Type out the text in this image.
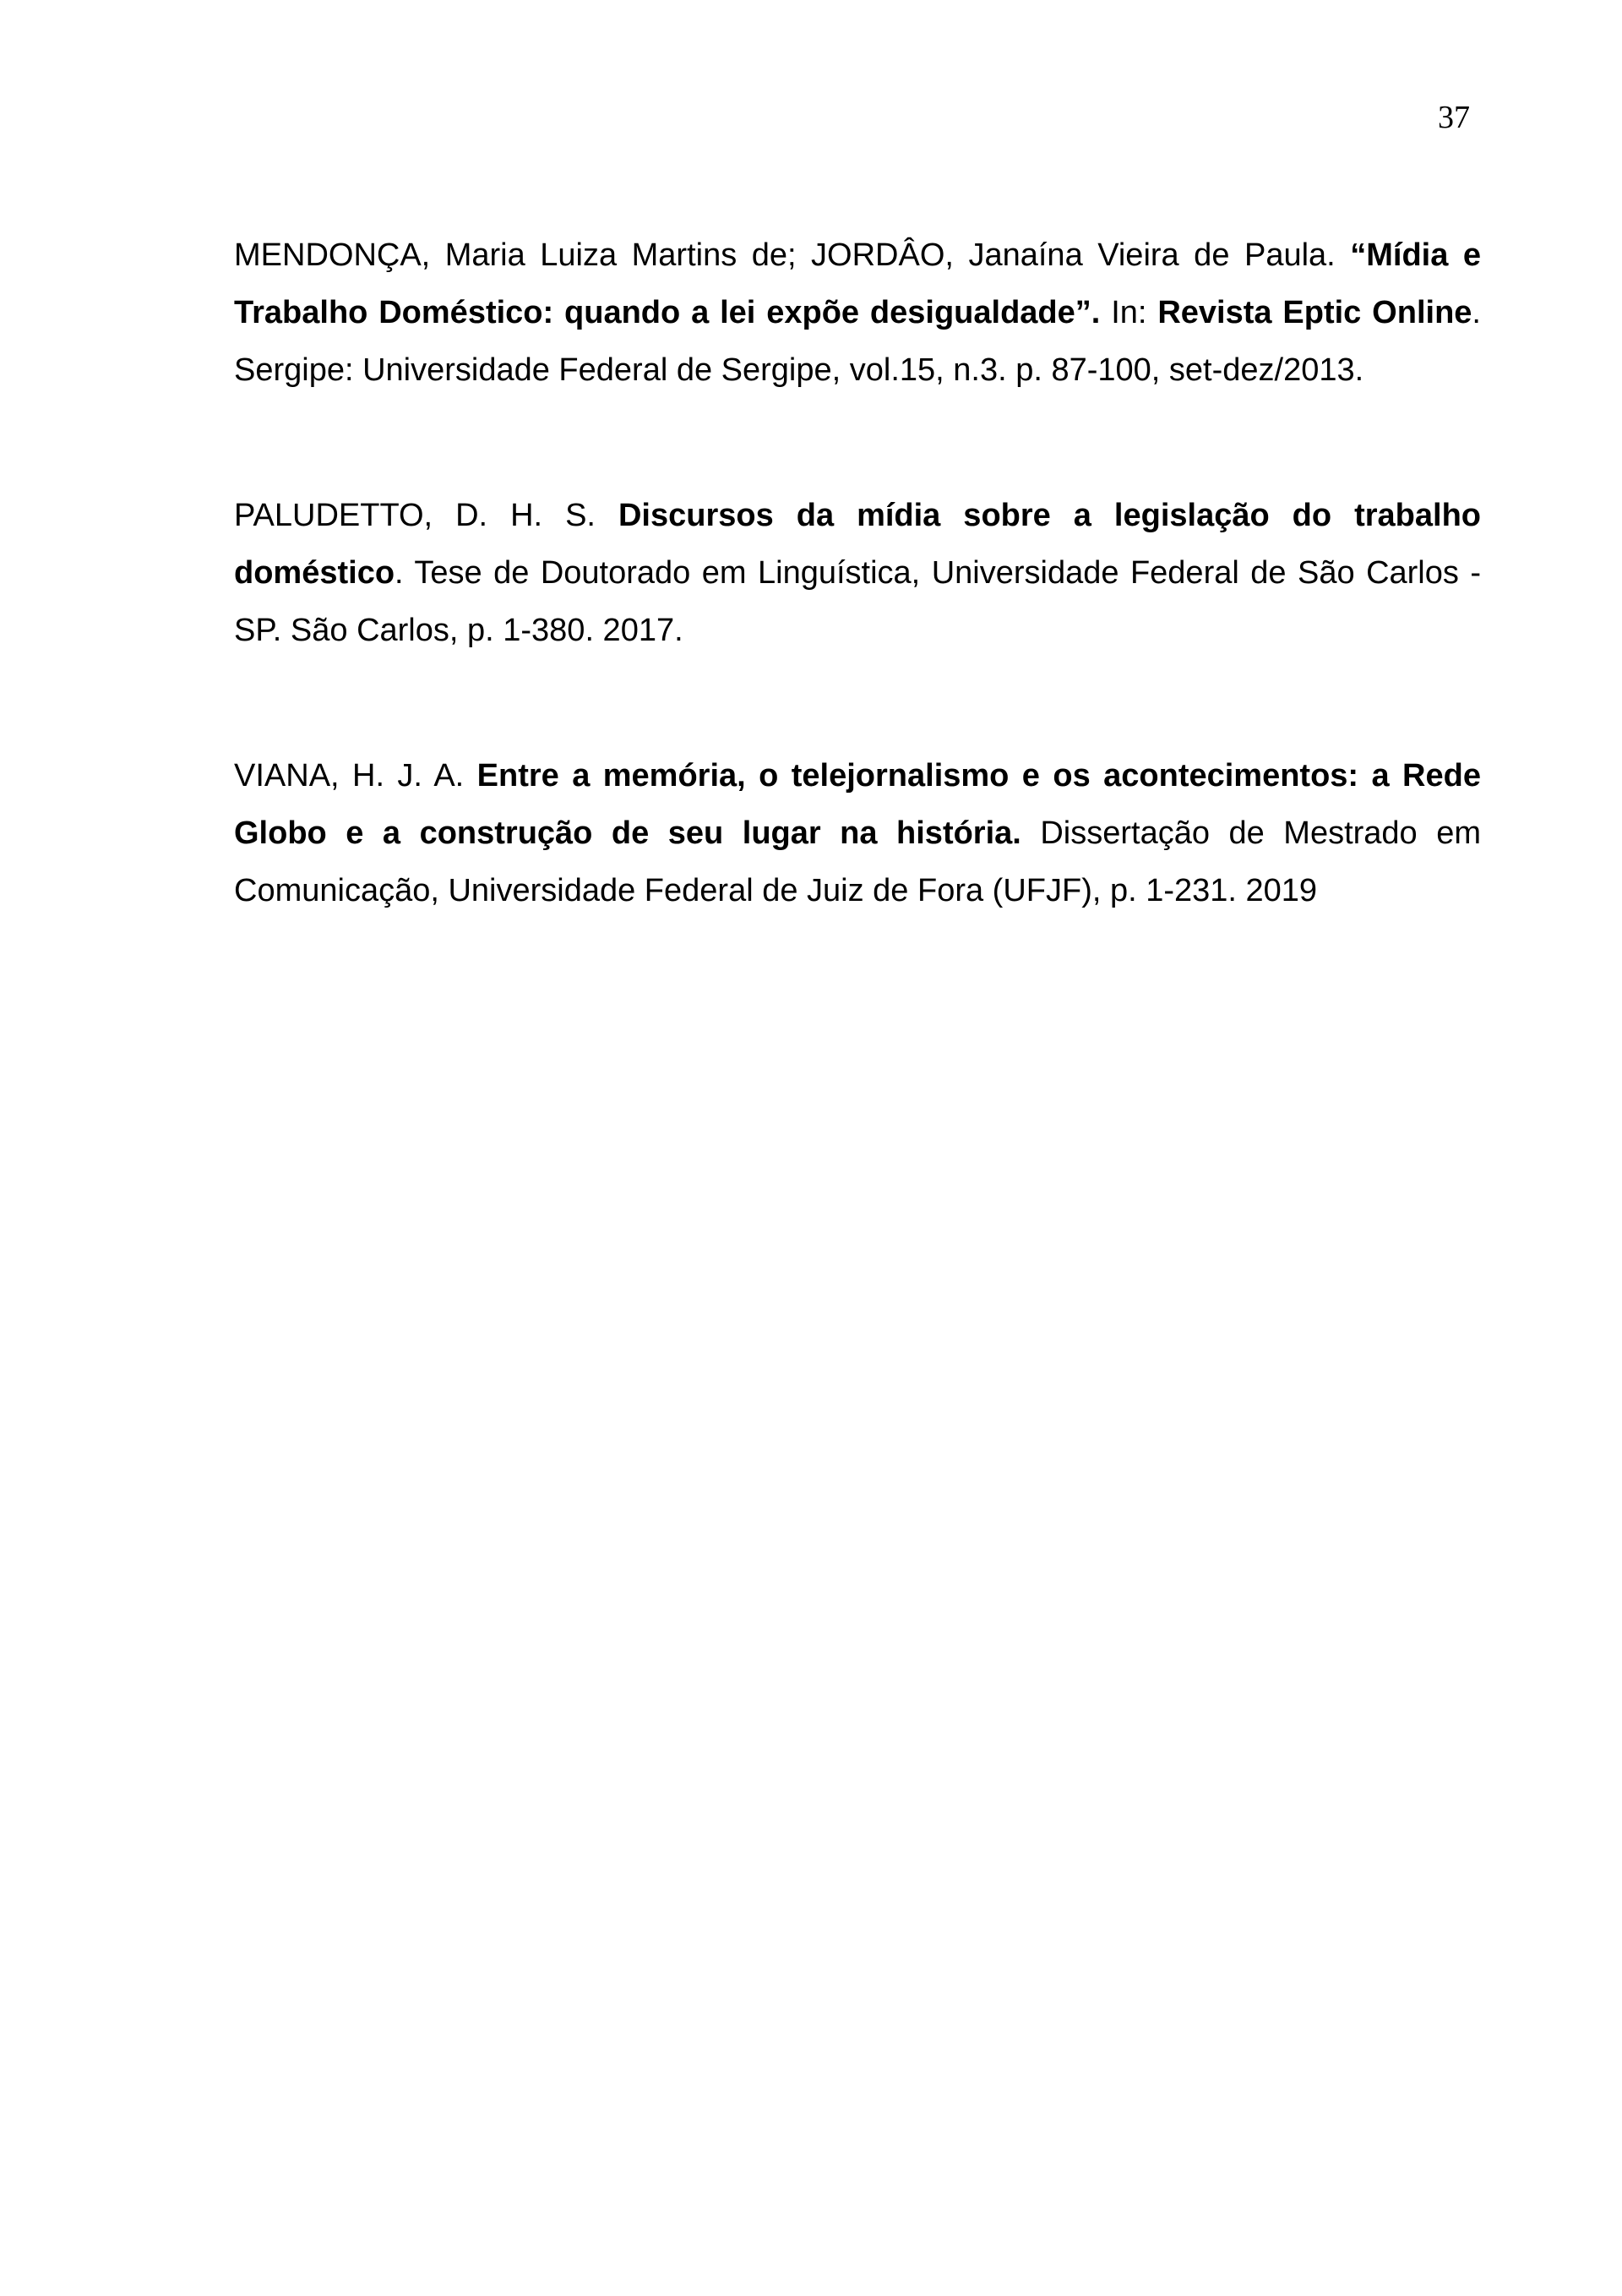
37

MENDONÇA, Maria Luiza Martins de; JORDÂO, Janaína Vieira de Paula. “Mídia e Trabalho Doméstico: quando a lei expõe desigualdade”. In: Revista Eptic Online. Sergipe: Universidade Federal de Sergipe, vol.15, n.3. p. 87-100, set-dez/2013.

PALUDETTO, D. H. S. Discursos da mídia sobre a legislação do trabalho doméstico. Tese de Doutorado em Linguística, Universidade Federal de São Carlos - SP. São Carlos, p. 1-380. 2017.

VIANA, H. J. A. Entre a memória, o telejornalismo e os acontecimentos: a Rede Globo e a construção de seu lugar na história. Dissertação de Mestrado em Comunicação, Universidade Federal de Juiz de Fora (UFJF), p. 1-231. 2019
